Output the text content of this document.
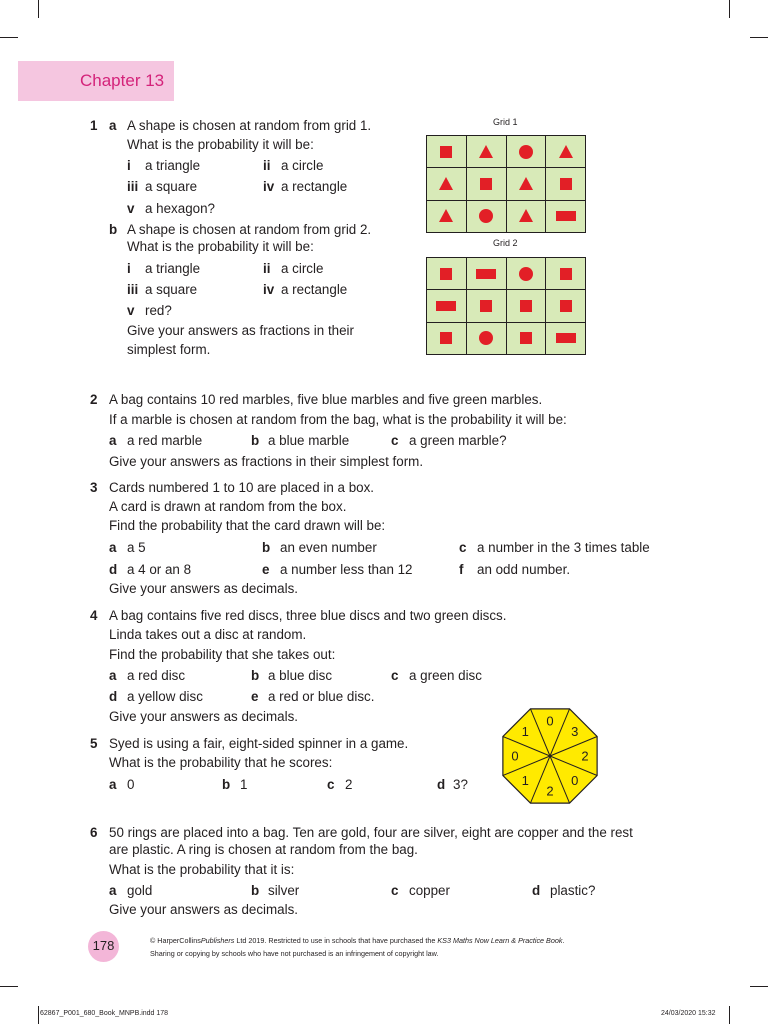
Chapter 13
1 a A shape is chosen at random from grid 1.
What is the probability it will be:
i a triangle	ii a circle
iii a square	iv a rectangle
v a hexagon?
b A shape is chosen at random from grid 2.
What is the probability it will be:
i a triangle	ii a circle
iii a square	iv a rectangle
v red?
Give your answers as fractions in their
simplest form.
Grid 1
Grid 2
2 A bag contains 10 red marbles, five blue marbles and five green marbles.
If a marble is chosen at random from the bag, what is the probability it will be:
a a red marble	b a blue marble	c a green marble?
Give your answers as fractions in their simplest form.
3 Cards numbered 1 to 10 are placed in a box.
A card is drawn at random from the box.
Find the probability that the card drawn will be:
a a 5	b an even number	c a number in the 3 times table
d a 4 or an 8	e a number less than 12	f an odd number.
Give your answers as decimals.
4 A bag contains five red discs, three blue discs and two green discs.
Linda takes out a disc at random.
Find the probability that she takes out:
a a red disc	b a blue disc	c a green disc
d a yellow disc	e a red or blue disc.
Give your answers as decimals.
5 Syed is using a fair, eight-sided spinner in a game.
What is the probability that he scores:
a 0	b 1	c 2	d 3?
0
3
2
0
2
1
0
1
6 50 rings are placed into a bag. Ten are gold, four are silver, eight are copper and the rest
are plastic. A ring is chosen at random from the bag.
What is the probability that it is:
a gold	b silver	c copper	d plastic?
Give your answers as decimals.
178	© HarperCollinsPublishers Ltd 2019. Restricted to use in schools that have purchased the KS3 Maths Now Learn & Practice Book.
Sharing or copying by schools who have not purchased is an infringement of copyright law.
62867_P001_680_Book_MNPB.indd 178	24/03/2020 15:32
